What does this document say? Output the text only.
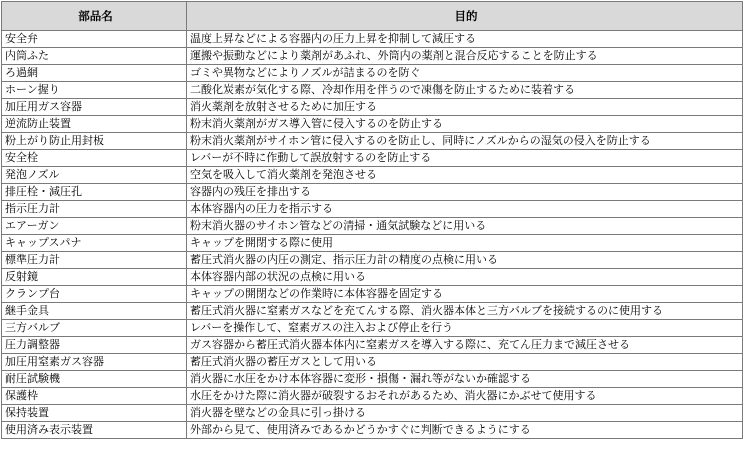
部品名	目的
安全弁	温度上昇などによる容器内の圧力上昇を抑制して減圧する
内筒ふた	運搬や振動などにより薬剤があふれ、外筒内の薬剤と混合反応することを防止する
ろ過網	ゴミや異物などによりノズルが詰まるのを防ぐ
ホーン握り	二酸化炭素が気化する際、冷却作用を伴うので凍傷を防止するために装着する
加圧用ガス容器	消火薬剤を放射させるために加圧する
逆流防止装置	粉末消火薬剤がガス導入管に侵入するのを防止する
粉上がり防止用封板	粉末消火薬剤がサイホン管に侵入するのを防止し、同時にノズルからの湿気の侵入を防止する
安全栓	レバーが不時に作動して誤放射するのを防止する
発泡ノズル	空気を吸入して消火薬剤を発泡させる
排圧栓・減圧孔	容器内の残圧を排出する
指示圧力計	本体容器内の圧力を指示する
エアーガン	粉末消火器のサイホン管などの清掃・通気試験などに用いる
キャップスパナ	キャップを開閉する際に使用
標準圧力計	蓄圧式消火器の内圧の測定、指示圧力計の精度の点検に用いる
反射鏡	本体容器内部の状況の点検に用いる
クランプ台	キャップの開閉などの作業時に本体容器を固定する
継手金具	蓄圧式消火器に窒素ガスなどを充てんする際、消火器本体と三方バルブを接続するのに使用する
三方バルブ	レバーを操作して、窒素ガスの注入および停止を行う
圧力調整器	ガス容器から蓄圧式消火器本体内に窒素ガスを導入する際に、充てん圧力まで減圧させる
加圧用窒素ガス容器	蓄圧式消火器の蓄圧ガスとして用いる
耐圧試験機	消火器に水圧をかけ本体容器に変形・損傷・漏れ等がないか確認する
保護枠	水圧をかけた際に消火器が破裂するおそれがあるため、消火器にかぶせて使用する
保持装置	消火器を壁などの金具に引っ掛ける
使用済み表示装置	外部から見て、使用済みであるかどうかすぐに判断できるようにする
